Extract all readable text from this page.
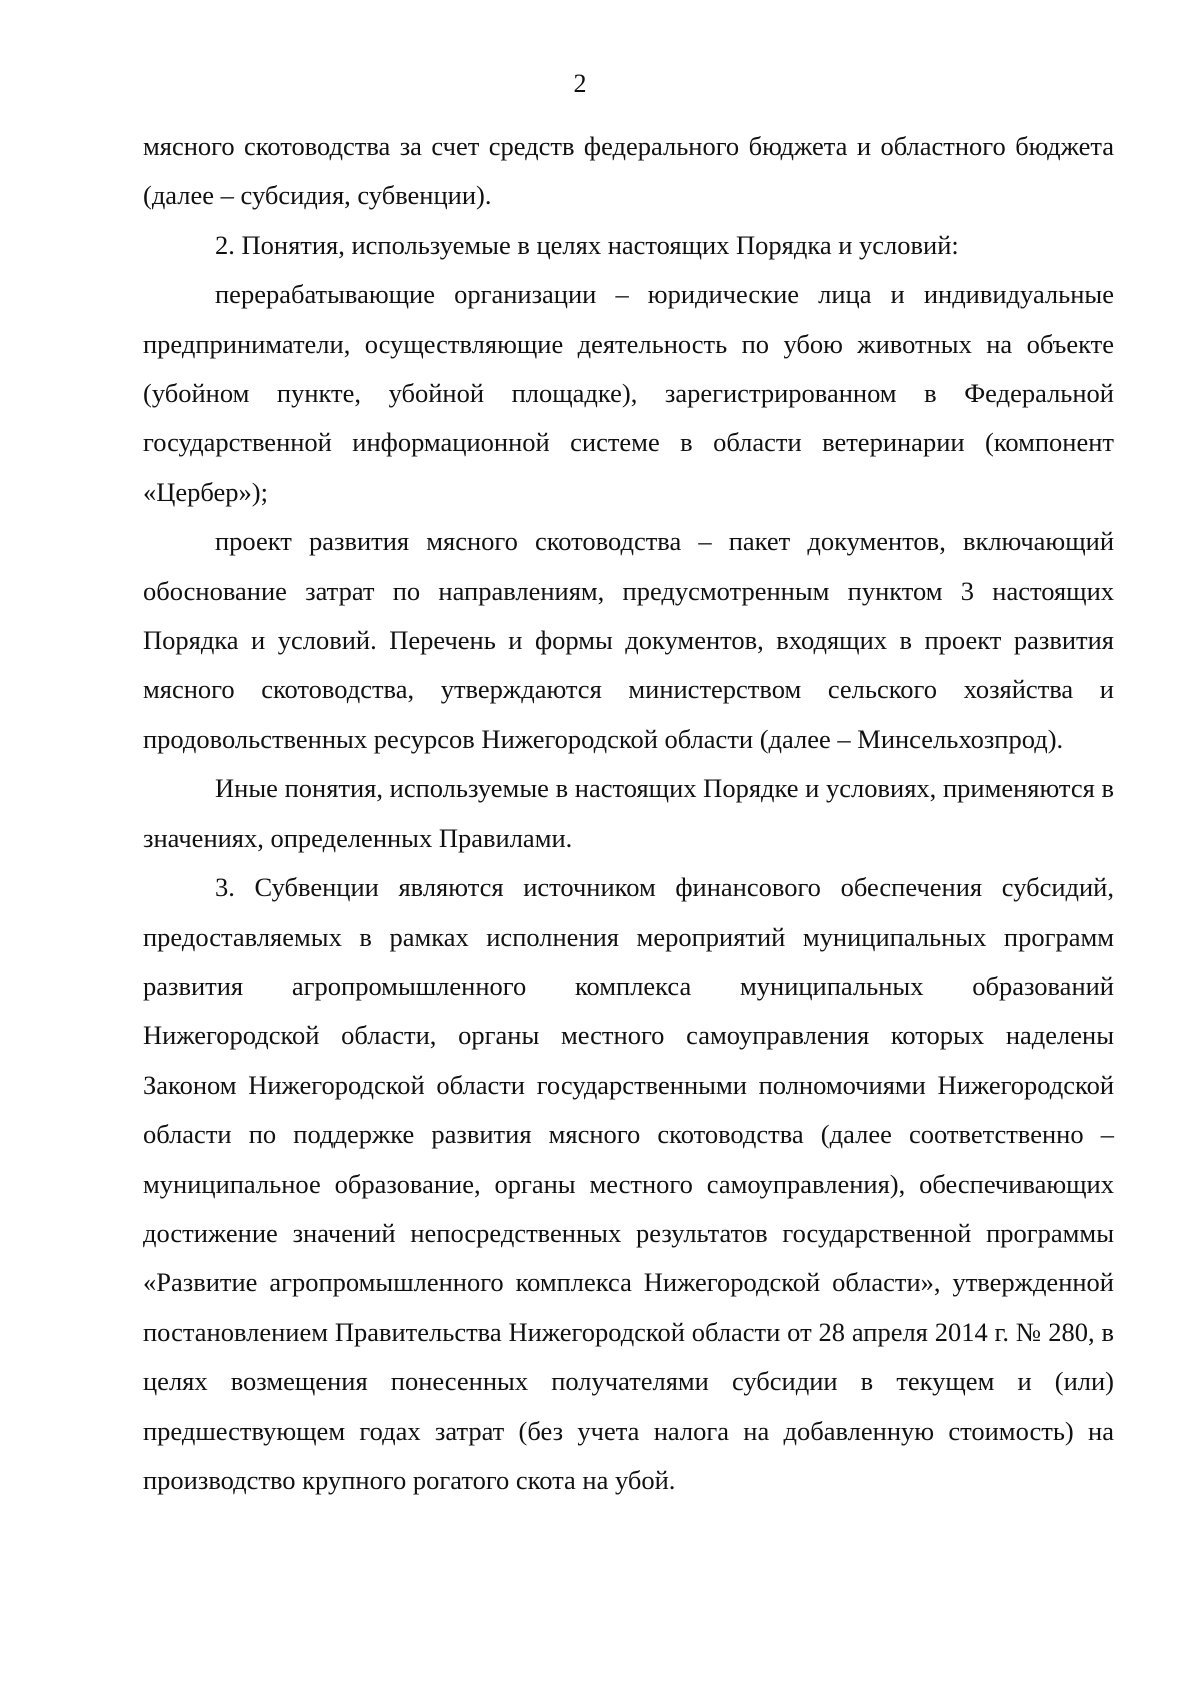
2

мясного скотоводства за счет средств федерального бюджета и областного бюджета (далее – субсидия, субвенции).

2. Понятия, используемые в целях настоящих Порядка и условий:

перерабатывающие организации – юридические лица и индивидуальные предприниматели, осуществляющие деятельность по убою животных на объекте (убойном пункте, убойной площадке), зарегистрированном в Федеральной государственной информационной системе в области ветеринарии (компонент «Цербер»);

проект развития мясного скотоводства – пакет документов, включающий обоснование затрат по направлениям, предусмотренным пунктом 3 настоящих Порядка и условий. Перечень и формы документов, входящих в проект развития мясного скотоводства, утверждаются министерством сельского хозяйства и продовольственных ресурсов Нижегородской области (далее – Минсельхозпрод).

Иные понятия, используемые в настоящих Порядке и условиях, применяются в значениях, определенных Правилами.

3. Субвенции являются источником финансового обеспечения субсидий, предоставляемых в рамках исполнения мероприятий муниципальных программ развития агропромышленного комплекса муниципальных образований Нижегородской области, органы местного самоуправления которых наделены Законом Нижегородской области государственными полномочиями Нижегородской области по поддержке развития мясного скотоводства (далее соответственно – муниципальное образование, органы местного самоуправления), обеспечивающих достижение значений непосредственных результатов государственной программы «Развитие агропромышленного комплекса Нижегородской области», утвержденной постановлением Правительства Нижегородской области от 28 апреля 2014 г. № 280, в целях возмещения понесенных получателями субсидии в текущем и (или) предшествующем годах затрат (без учета налога на добавленную стоимость) на производство крупного рогатого скота на убой.
